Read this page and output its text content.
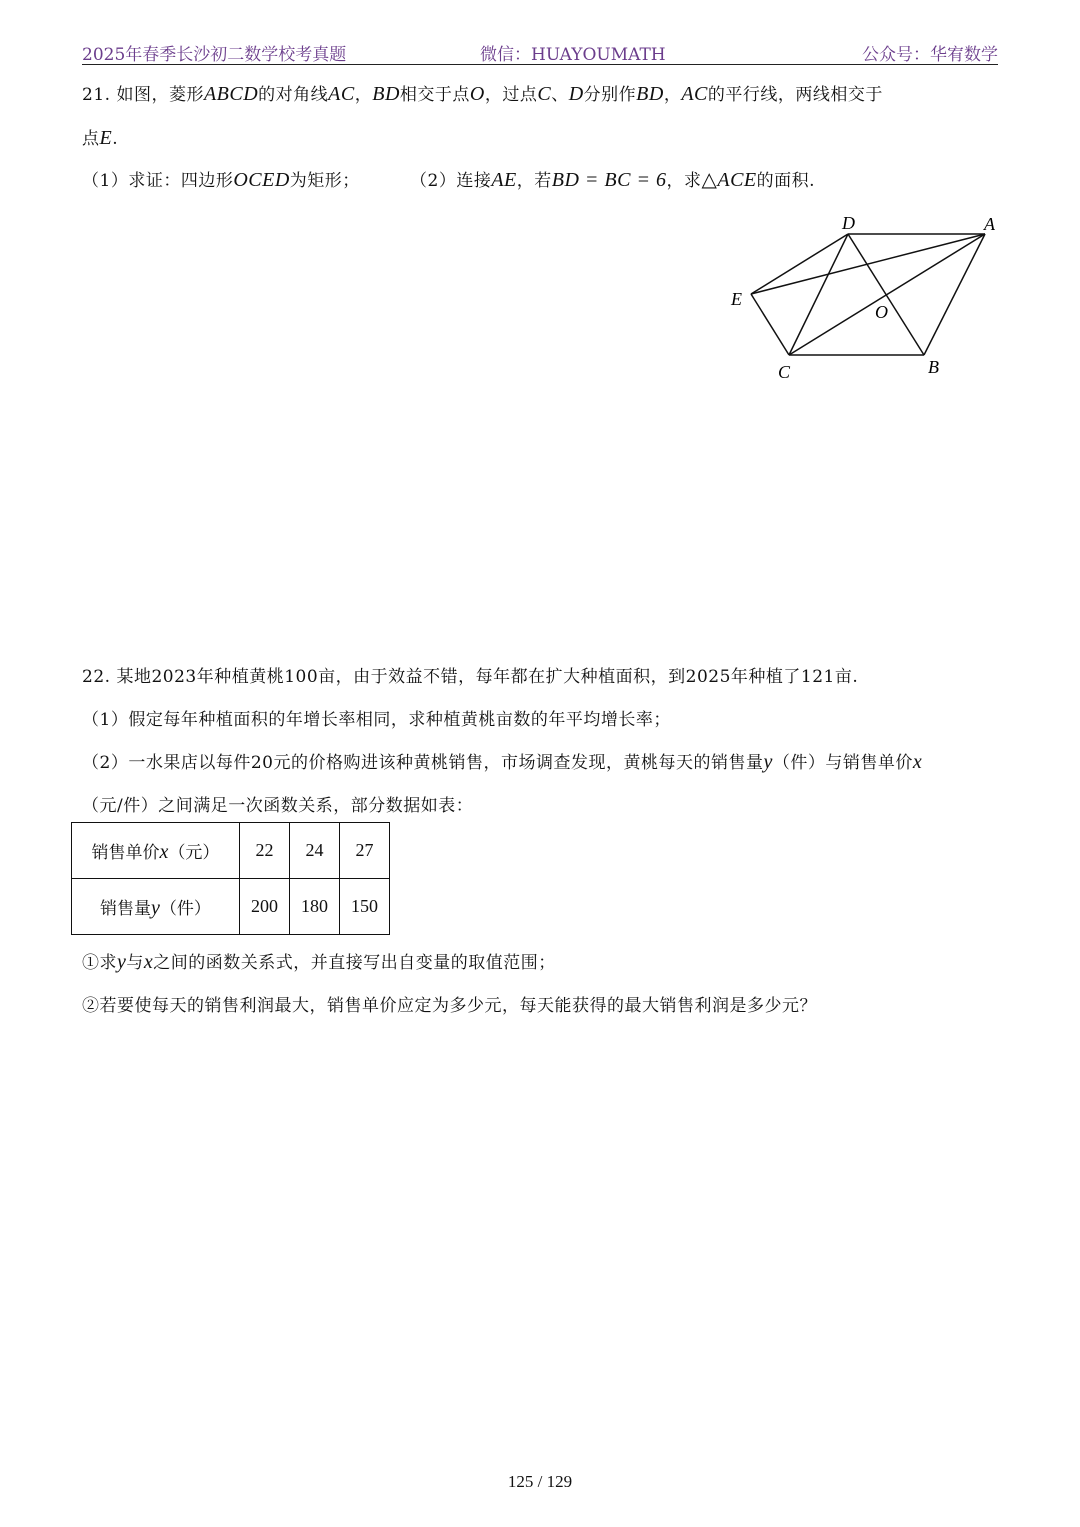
2025年春季长沙初二数学校考真题	微信：HUAYOUMATH	公众号：华宥数学
21. 如图，菱形ABCD的对角线AC，BD相交于点O，过点C、D分别作BD，AC的平行线，两线相交于
点E.
（1）求证：四边形OCED为矩形；	（2）连接AE，若BD = BC = 6，求△ACE的面积.
D	A
E
O
C	B
22. 某地2023年种植黄桃100亩，由于效益不错，每年都在扩大种植面积，到2025年种植了121亩.
（1）假定每年种植面积的年增长率相同，求种植黄桃亩数的年平均增长率；
（2）一水果店以每件20元的价格购进该种黄桃销售，市场调查发现，黄桃每天的销售量y（件）与销售单价x
（元/件）之间满足一次函数关系，部分数据如表：
销售单价x（元）	22	24	27
销售量y（件）	200	180	150
①求y与x之间的函数关系式，并直接写出自变量的取值范围；
②若要使每天的销售利润最大，销售单价应定为多少元，每天能获得的最大销售利润是多少元？
125 / 129
